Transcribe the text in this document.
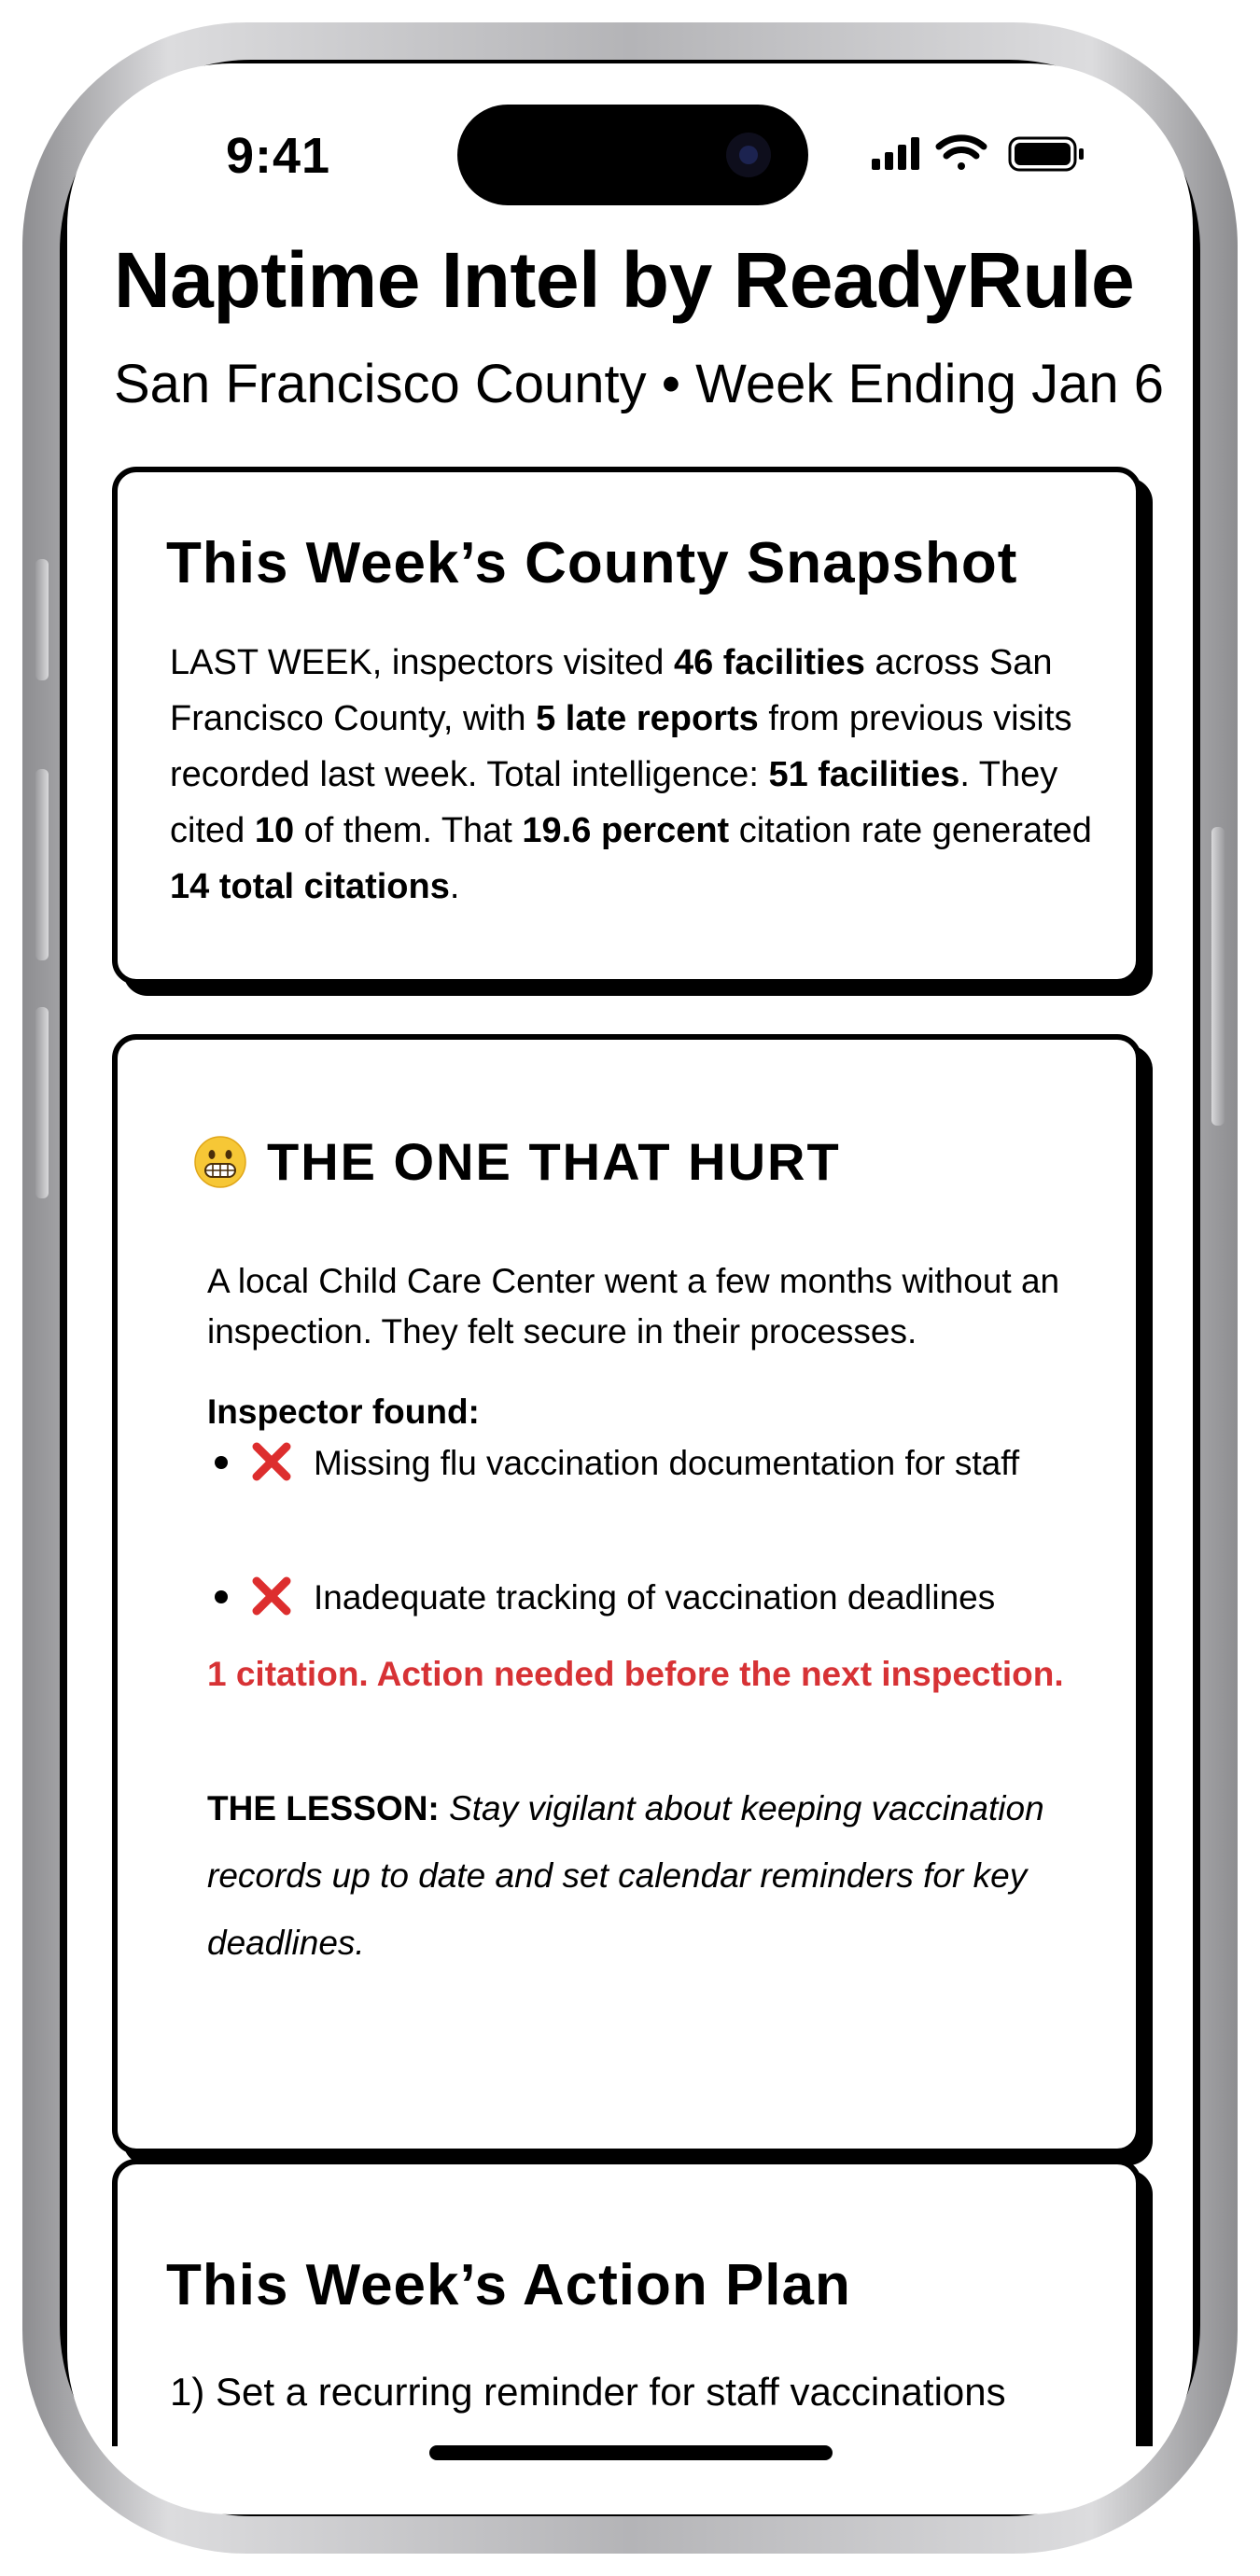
Naptime Intel by ReadyRule

San Francisco County • Week Ending Jan 6

This Week’s County Snapshot

LAST WEEK, inspectors visited 46 facilities across San Francisco County, with 5 late reports from previous visits recorded last week. Total intelligence: 51 facilities. They cited 10 of them. That 19.6 percent citation rate generated 14 total citations.

THE ONE THAT HURT

A local Child Care Center went a few months without an inspection. They felt secure in their processes.

Inspector found:

Missing flu vaccination documentation for staff
Inadequate tracking of vaccination deadlines

1 citation. Action needed before the next inspection.

THE LESSON: Stay vigilant about keeping vaccination records up to date and set calendar reminders for key deadlines.

This Week’s Action Plan

1) Set a recurring reminder for staff vaccinations

9:41
